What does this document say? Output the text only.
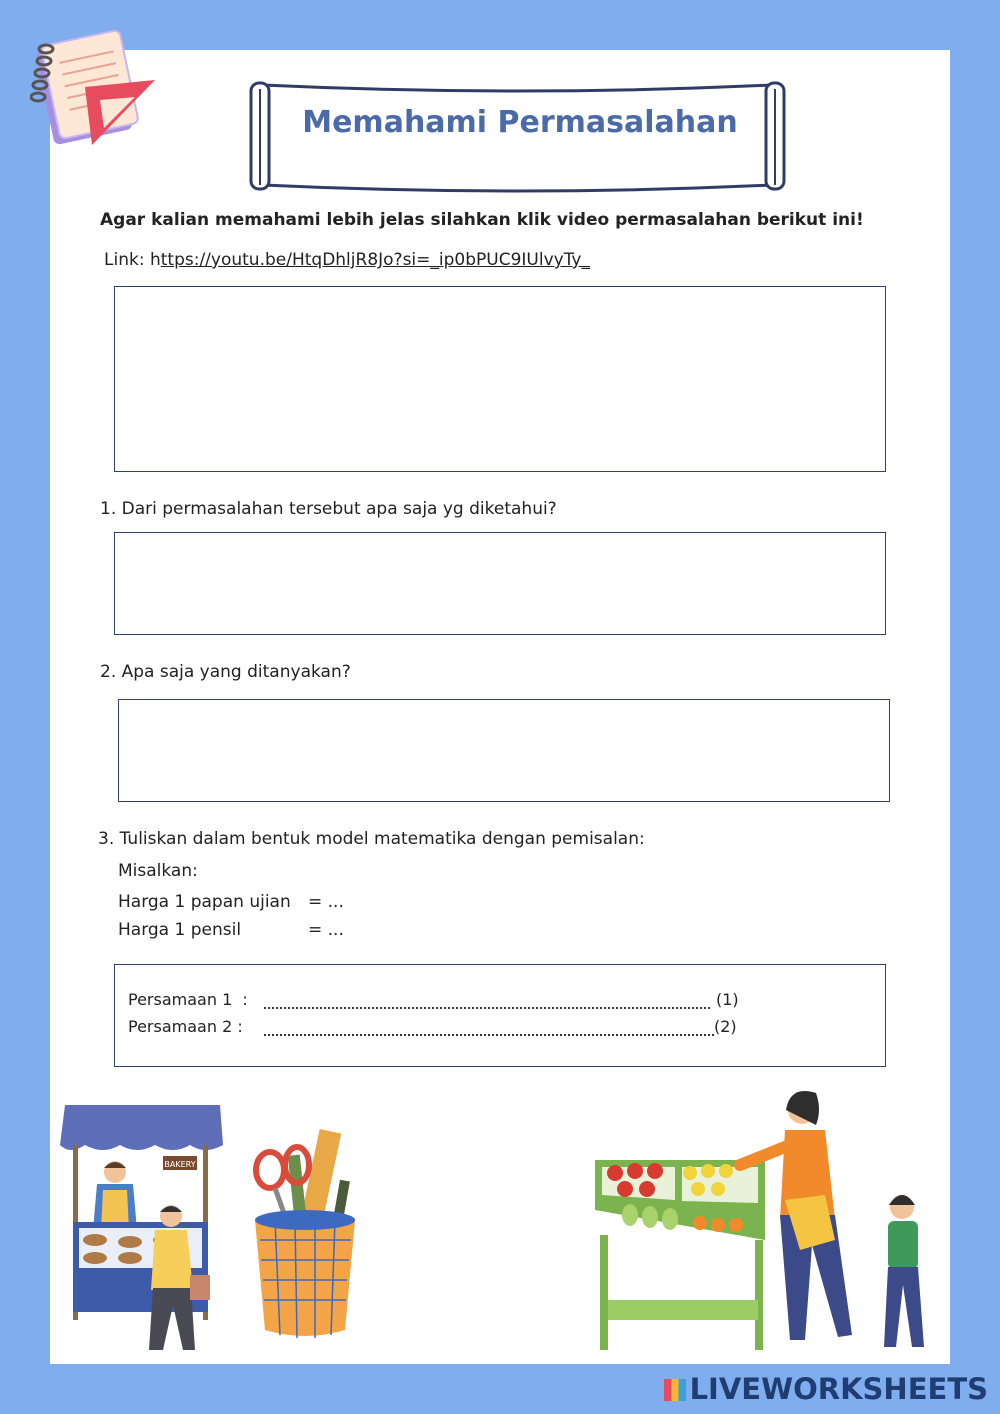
Memahami Permasalahan
Agar kalian memahami lebih jelas silahkan klik video permasalahan berikut ini!
Link: https://youtu.be/HtqDhljR8Jo?si=_ip0bPUC9IUlvyTy_
1. Dari permasalahan tersebut apa saja yg diketahui?
2. Apa saja yang ditanyakan?
3. Tuliskan dalam bentuk model matematika dengan pemisalan:
Misalkan:
Harga 1 papan ujian = ...
Harga 1 pensil	= ...
Persamaan 1  :	(1)
Persamaan 2 :	(2)
BAKERY
LIVEWORKSHEETS
